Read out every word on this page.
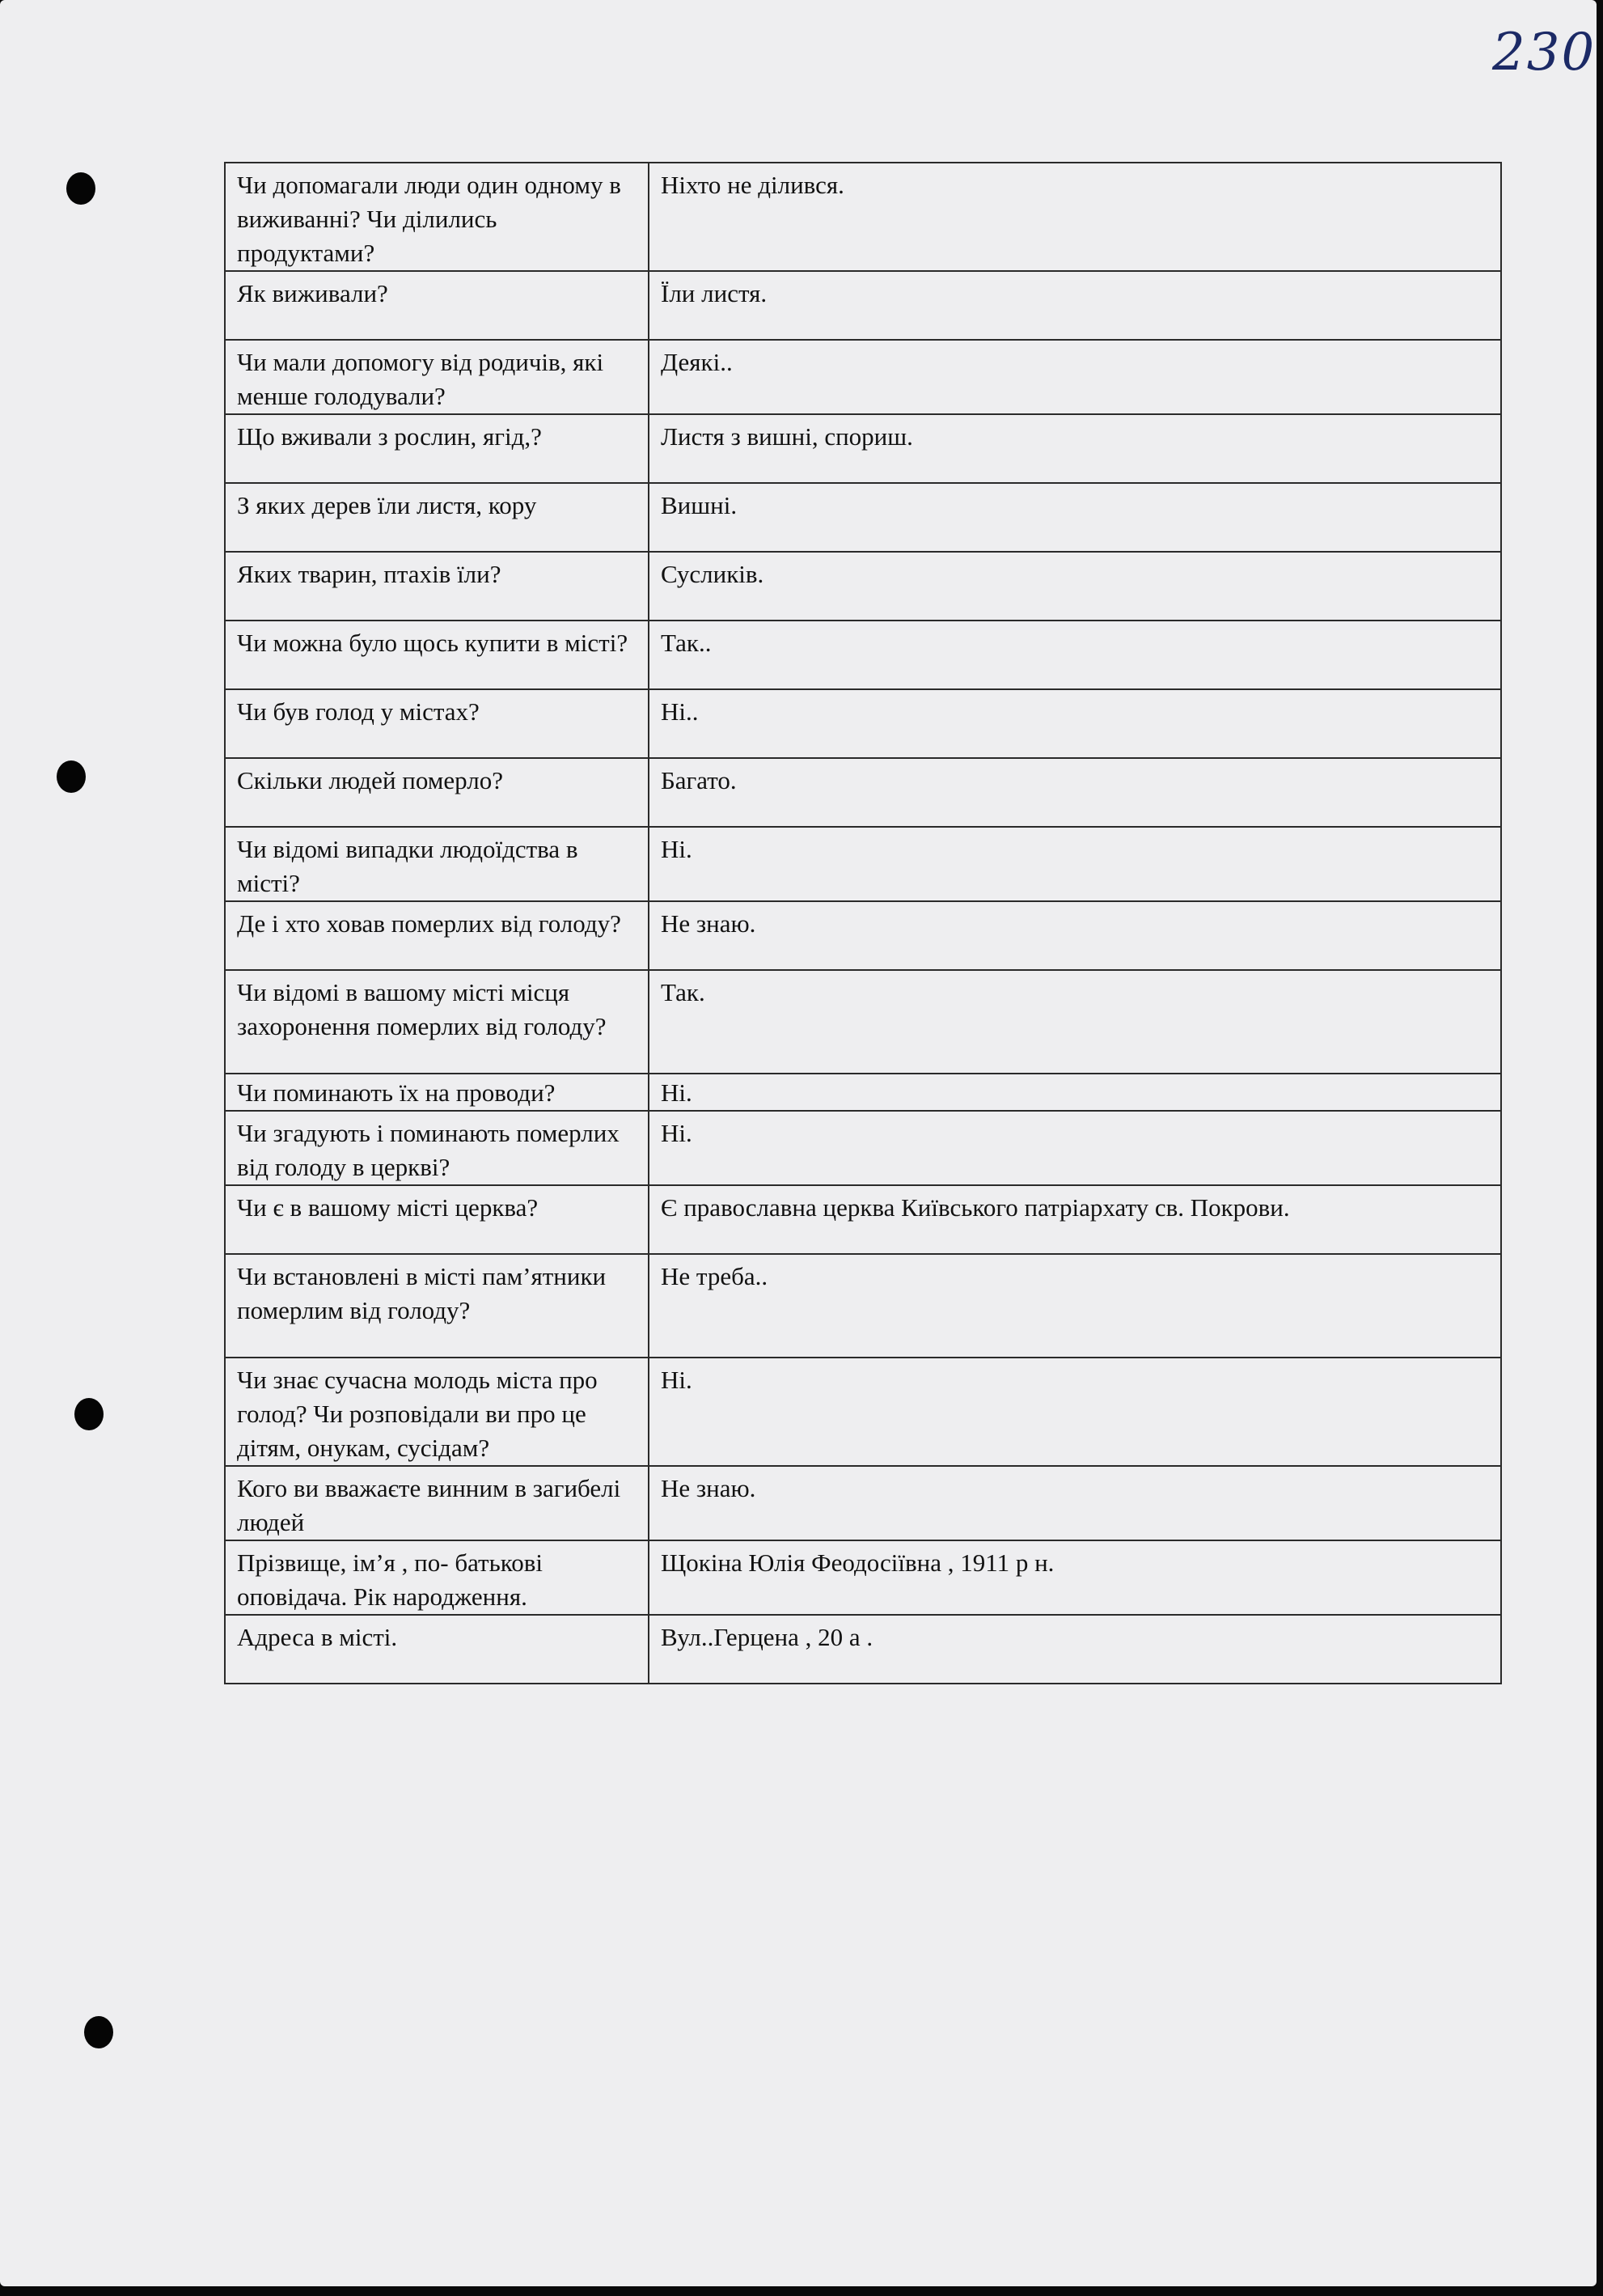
230
Чи допомагали люди один одному в виживанні? Чи ділились продуктами?	Ніхто не ділився.
Як виживали?	Їли листя.
Чи мали допомогу від родичів, які менше голодували?	Деякі..
Що вживали з рослин, ягід,?	Листя з вишні, спориш.
З яких дерев їли листя, кору	Вишні.
Яких тварин, птахів їли?	Сусликів.
Чи можна було щось купити в місті?	Так..
Чи був голод у містах?	Ні..
Скільки людей померло?	Багато.
Чи відомі випадки людоїдства в місті?	Ні.
Де і хто ховав померлих від голоду?	Не знаю.
Чи відомі в вашому місті місця захоронення померлих від голоду?	Так.
Чи поминають їх на проводи?	Ні.
Чи згадують і поминають померлих від голоду в церкві?	Ні.
Чи є в вашому місті церква?	Є православна церква Київського патріархату св. Покрови.
Чи встановлені в місті пам’ятники померлим від голоду?	Не треба..
Чи знає сучасна молодь міста про голод? Чи розповідали ви про це дітям, онукам, сусідам?	Ні.
Кого ви вважаєте винним в загибелі людей	Не знаю.
Прізвище, ім’я , по- батькові оповідача. Рік народження.	Щокіна Юлія Феодосіївна , 1911 р н.
Адреса в місті.	Вул..Герцена , 20 а .
